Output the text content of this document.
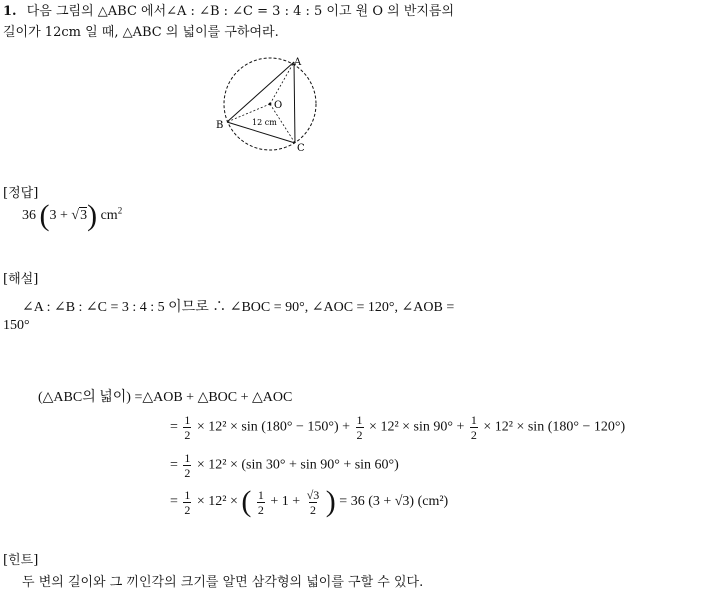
1. 다음 그림의 △ABC 에서∠A : ∠B : ∠C = 3 : 4 : 5 이고 원 O 의 반지름의
길이가 12cm 일 때, △ABC 의 넓이를 구하여라.
A
B
C
O
12 cm
[정답]
36 (3 + √3) $cm^2$
[해설]
∠A : ∠B : ∠C = 3 : 4 : 5 이므로 ∴ ∠BOC = 90°, ∠AOC = 120°, ∠AOB =
150°
(△ABC의 넓이) =△AOB + △BOC + △AOC
= $\frac{1}{2} \times 12^2 \times \sin (180^\circ - 150^\circ) + \frac{1}{2} \times 12^2 \times \sin 90^\circ + \frac{1}{2} \times 12^2 \times \sin (180^\circ - 120^\circ)$
= $\frac{1}{2} \times 12^2 \times (\sin$ 30° + sin 90° + sin 60°)
= $\frac{1}{2} \times 12^2$ × ( $\frac{1}{2} + 1 + \frac{√3}{2}$ ) = 36 (3 + √3) (cm²)
[힌트]
두 변의 길이와 그 끼인각의 크기를 알면 삼각형의 넓이를 구할 수 있다.
